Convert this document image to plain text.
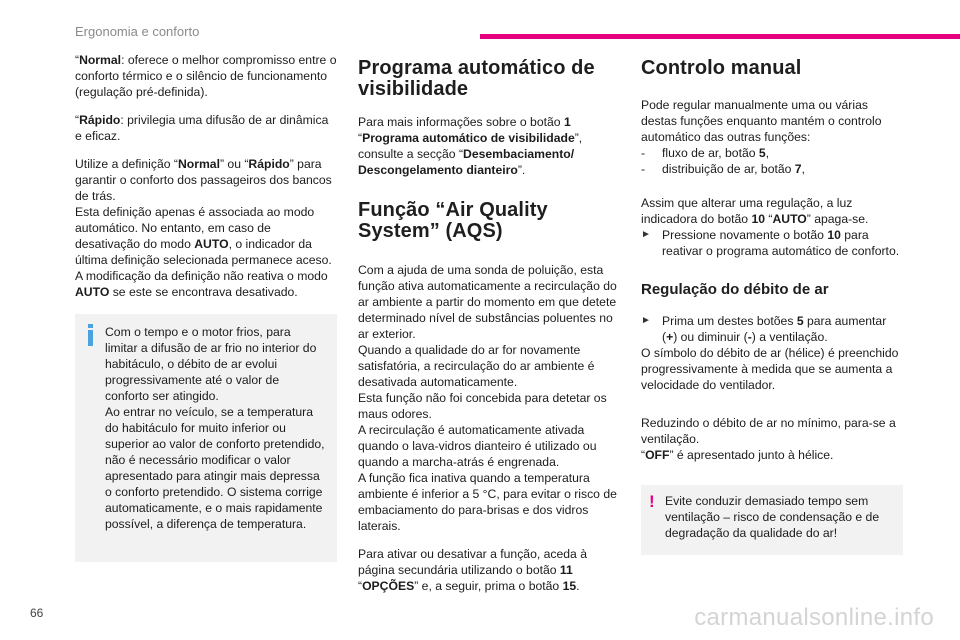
Ergonomia e conforto

“Normal: oferece o melhor compromisso entre o conforto térmico e o silêncio de funcionamento (regulação pré-definida).

“Rápido: privilegia uma difusão de ar dinâmica e eficaz.

Utilize a definição “Normal” ou “Rápido” para garantir o conforto dos passageiros dos bancos de trás.
Esta definição apenas é associada ao modo automático. No entanto, em caso de desativação do modo AUTO, o indicador da última definição selecionada permanece aceso.
A modificação da definição não reativa o modo AUTO se este se encontrava desativado.

Com o tempo e o motor frios, para limitar a difusão de ar frio no interior do habitáculo, o débito de ar evolui progressivamente até o valor de conforto ser atingido.

Ao entrar no veículo, se a temperatura do habitáculo for muito inferior ou superior ao valor de conforto pretendido, não é necessário modificar o valor apresentado para atingir mais depressa o conforto pretendido. O sistema corrige automaticamente, e o mais rapidamente possível, a diferença de temperatura.

Programa automático de visibilidade

Para mais informações sobre o botão 1 “Programa automático de visibilidade”, consulte a secção “Desembaciamento/ Descongelamento dianteiro”.

Função “Air Quality System” (AQS)

Com a ajuda de uma sonda de poluição, esta função ativa automaticamente a recirculação do ar ambiente a partir do momento em que detete determinado nível de substâncias poluentes no ar exterior.
Quando a qualidade do ar for novamente satisfatória, a recirculação do ar ambiente é desativada automaticamente.
Esta função não foi concebida para detetar os maus odores.
A recirculação é automaticamente ativada quando o lava-vidros dianteiro é utilizado ou quando a marcha-atrás é engrenada.
A função fica inativa quando a temperatura ambiente é inferior a 5 °C, para evitar o risco de embaciamento do para-brisas e dos vidros laterais.

Para ativar ou desativar a função, aceda à página secundária utilizando o botão 11 “OPÇÕES” e, a seguir, prima o botão 15.

Controlo manual

Pode regular manualmente uma ou várias destas funções enquanto mantém o controlo automático das outras funções:

- fluxo de ar, botão 5,
- distribuição de ar, botão 7,

Assim que alterar uma regulação, a luz indicadora do botão 10 “AUTO” apaga-se.

► Pressione novamente o botão 10 para reativar o programa automático de conforto.
Regulação do débito de ar
► Prima um destes botões 5 para aumentar (+) ou diminuir (-) a ventilação.

O símbolo do débito de ar (hélice) é preenchido progressivamente à medida que se aumenta a velocidade do ventilador.

Reduzindo o débito de ar no mínimo, para-se a ventilação.
“OFF” é apresentado junto à hélice.

! Evite conduzir demasiado tempo sem ventilação – risco de condensação e de degradação da qualidade do ar!
66	carmanualsonline.info
